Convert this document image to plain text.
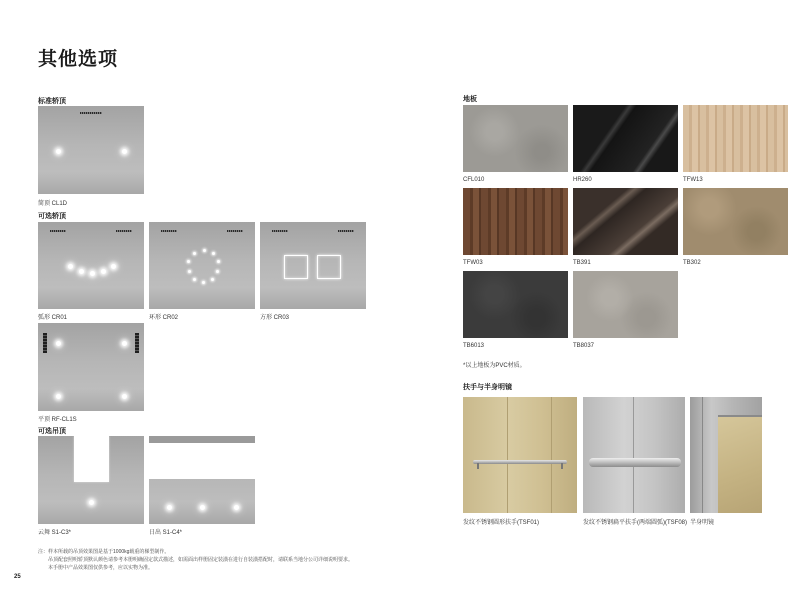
其他选项
标准轿顶
简顶 CL1D
可选轿顶
弧形 CR01	环形 CR02	方形 CR03
平顶 RF-CL1S
可选吊顶
云舞 S1-C3*	日出 S1-C4*
注：样本所载的吊顶效果图是基于1000kg载重的梯型制作。
吊顶配套照明轿顶默认颜色请参考本册明确固定款式描述，如需面出样册固定装潢在进行自装潢搭配时，请联系当地分公司详细说明要求。
本手册中产品效果图仅供参考，应以实物为准。
25
地板
CFL010	HR260	TFW13
TFW03	TB391	TB302
TB6013	TB8037
*以上地板为PVC材质。
扶手与半身明镜
发纹不锈钢圆形扶手(TSF01)	发纹不锈钢扁平扶手(两端圆弧)(TSF08) 半身明镜
